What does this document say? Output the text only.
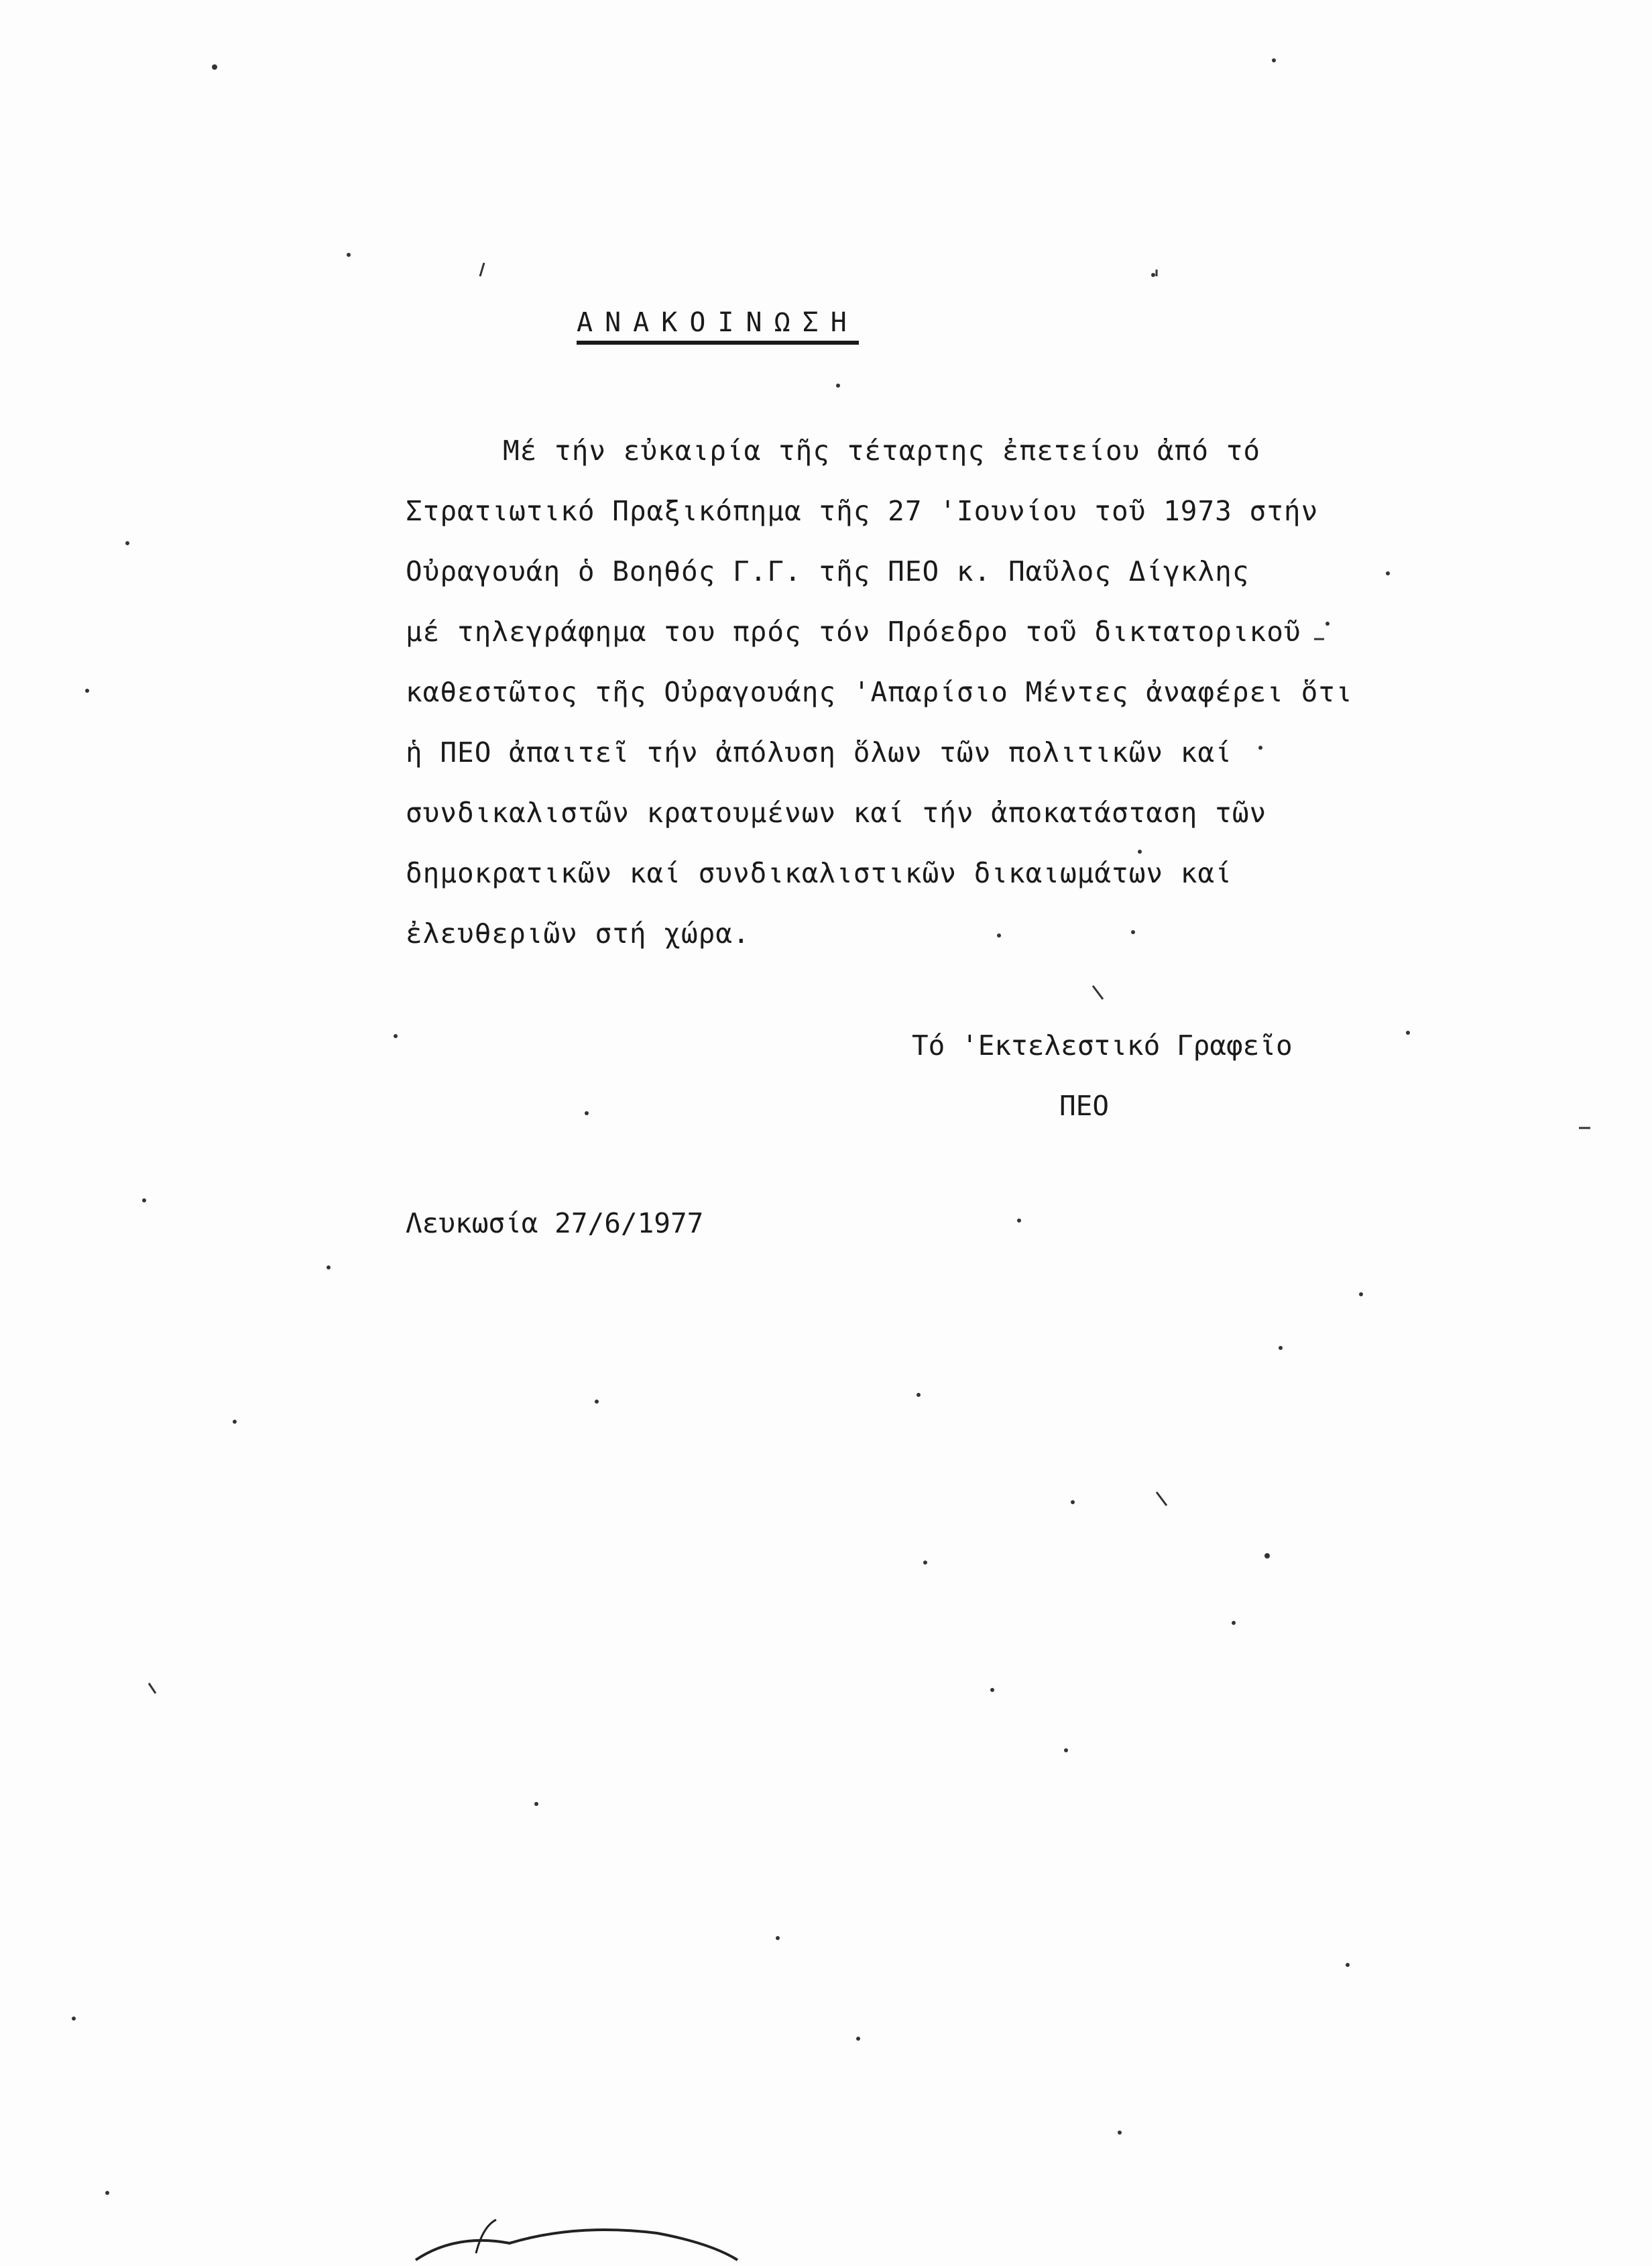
ΑΝΑΚΟΙΝΩΣΗ
Μέ τήν εὐκαιρία τῆς τέταρτης ἐπετείου ἀπό τό
Στρατιωτικό Πραξικόπημα τῆς 27 'Ιουνίου τοῦ 1973 στήν
Οὐραγουάη ὁ Βοηθός Γ.Γ. τῆς ΠΕΟ κ. Παῦλος Δίγκλης
μέ τηλεγράφημα του πρός τόν Πρόεδρο τοῦ δικτατορικοῦ
καθεστῶτος τῆς Οὐραγουάης 'Απαρίσιο Μέντες ἀναφέρει ὅτι
ἡ ΠΕΟ ἀπαιτεῖ τήν ἀπόλυση ὅλων τῶν πολιτικῶν καί
συνδικαλιστῶν κρατουμένων καί τήν ἀποκατάσταση τῶν
δημοκρατικῶν καί συνδικαλιστικῶν δικαιωμάτων καί
ἐλευθεριῶν στή χώρα.
Τό 'Εκτελεστικό Γραφεῖο
ΠΕΟ
Λευκωσία 27/6/1977
